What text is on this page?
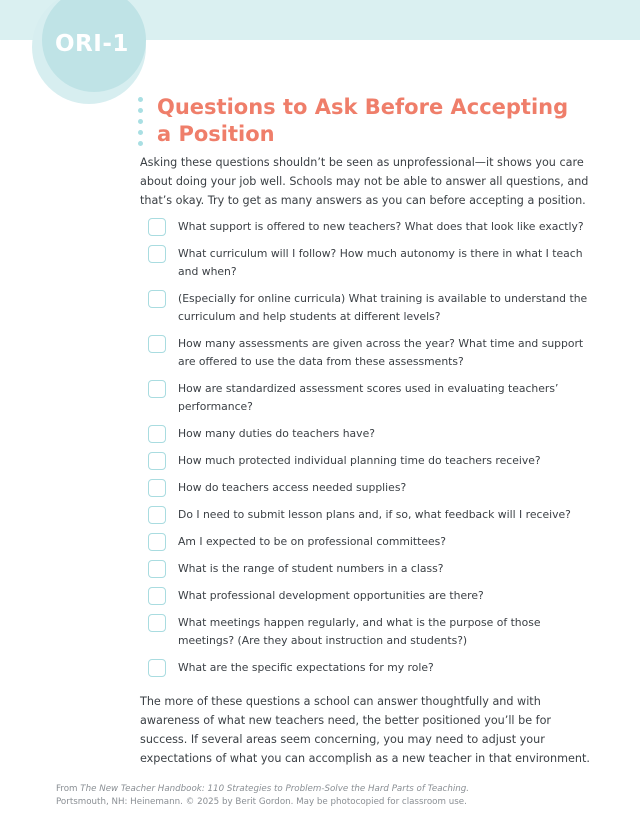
ORI-1
Questions to Ask Before Accepting a Position

Asking these questions shouldn’t be seen as unprofessional—it shows you care about doing your job well. Schools may not be able to answer all questions, and that’s okay. Try to get as many answers as you can before accepting a position.

What support is offered to new teachers? What does that look like exactly?
What curriculum will I follow? How much autonomy is there in what I teach and when?
(Especially for online curricula) What training is available to understand the curriculum and help students at different levels?
How many assessments are given across the year? What time and support are offered to use the data from these assessments?
How are standardized assessment scores used in evaluating teachers’ performance?
How many duties do teachers have?
How much protected individual planning time do teachers receive?
How do teachers access needed supplies?
Do I need to submit lesson plans and, if so, what feedback will I receive?
Am I expected to be on professional committees?
What is the range of student numbers in a class?
What professional development opportunities are there?
What meetings happen regularly, and what is the purpose of those meetings? (Are they about instruction and students?)
What are the specific expectations for my role?

The more of these questions a school can answer thoughtfully and with awareness of what new teachers need, the better positioned you’ll be for success. If several areas seem concerning, you may need to adjust your expectations of what you can accomplish as a new teacher in that environment.

From The New Teacher Handbook: 110 Strategies to Problem-Solve the Hard Parts of Teaching.
Portsmouth, NH: Heinemann. © 2025 by Berit Gordon. May be photocopied for classroom use.
